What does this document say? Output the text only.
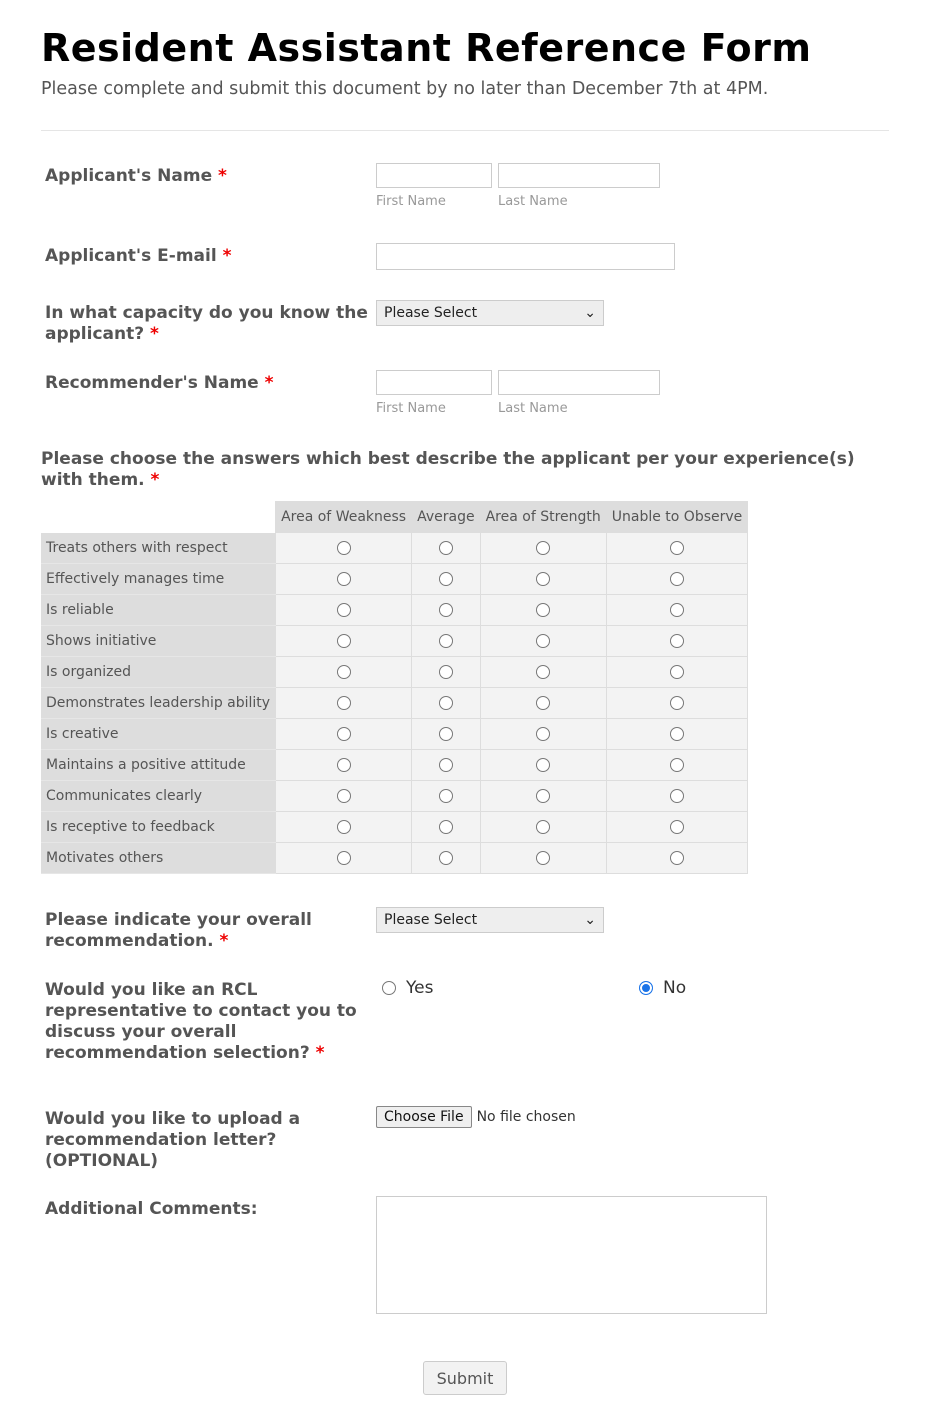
Resident Assistant Reference Form
Please complete and submit this document by no later than December 7th at 4PM.
Applicant's Name *
First Name	Last Name
Applicant's E-mail *
In what capacity do you know the applicant? *
Please Select	⌄
Recommender's Name *
First Name	Last Name
Please choose the answers which best describe the applicant per your experience(s) with them. *
	Area of Weakness	Average	Area of Strength	Unable to Observe
Treats others with respect				
Effectively manages time				
Is reliable				
Shows initiative				
Is organized				
Demonstrates leadership ability				
Is creative				
Maintains a positive attitude				
Communicates clearly				
Is receptive to feedback				
Motivates others				
Please indicate your overall recommendation. *
Please Select	⌄
Would you like an RCL representative to contact you to discuss your overall recommendation selection? *
Yes	No
Would you like to upload a recommendation letter? (OPTIONAL)
Choose File No file chosen
Additional Comments:
Submit
